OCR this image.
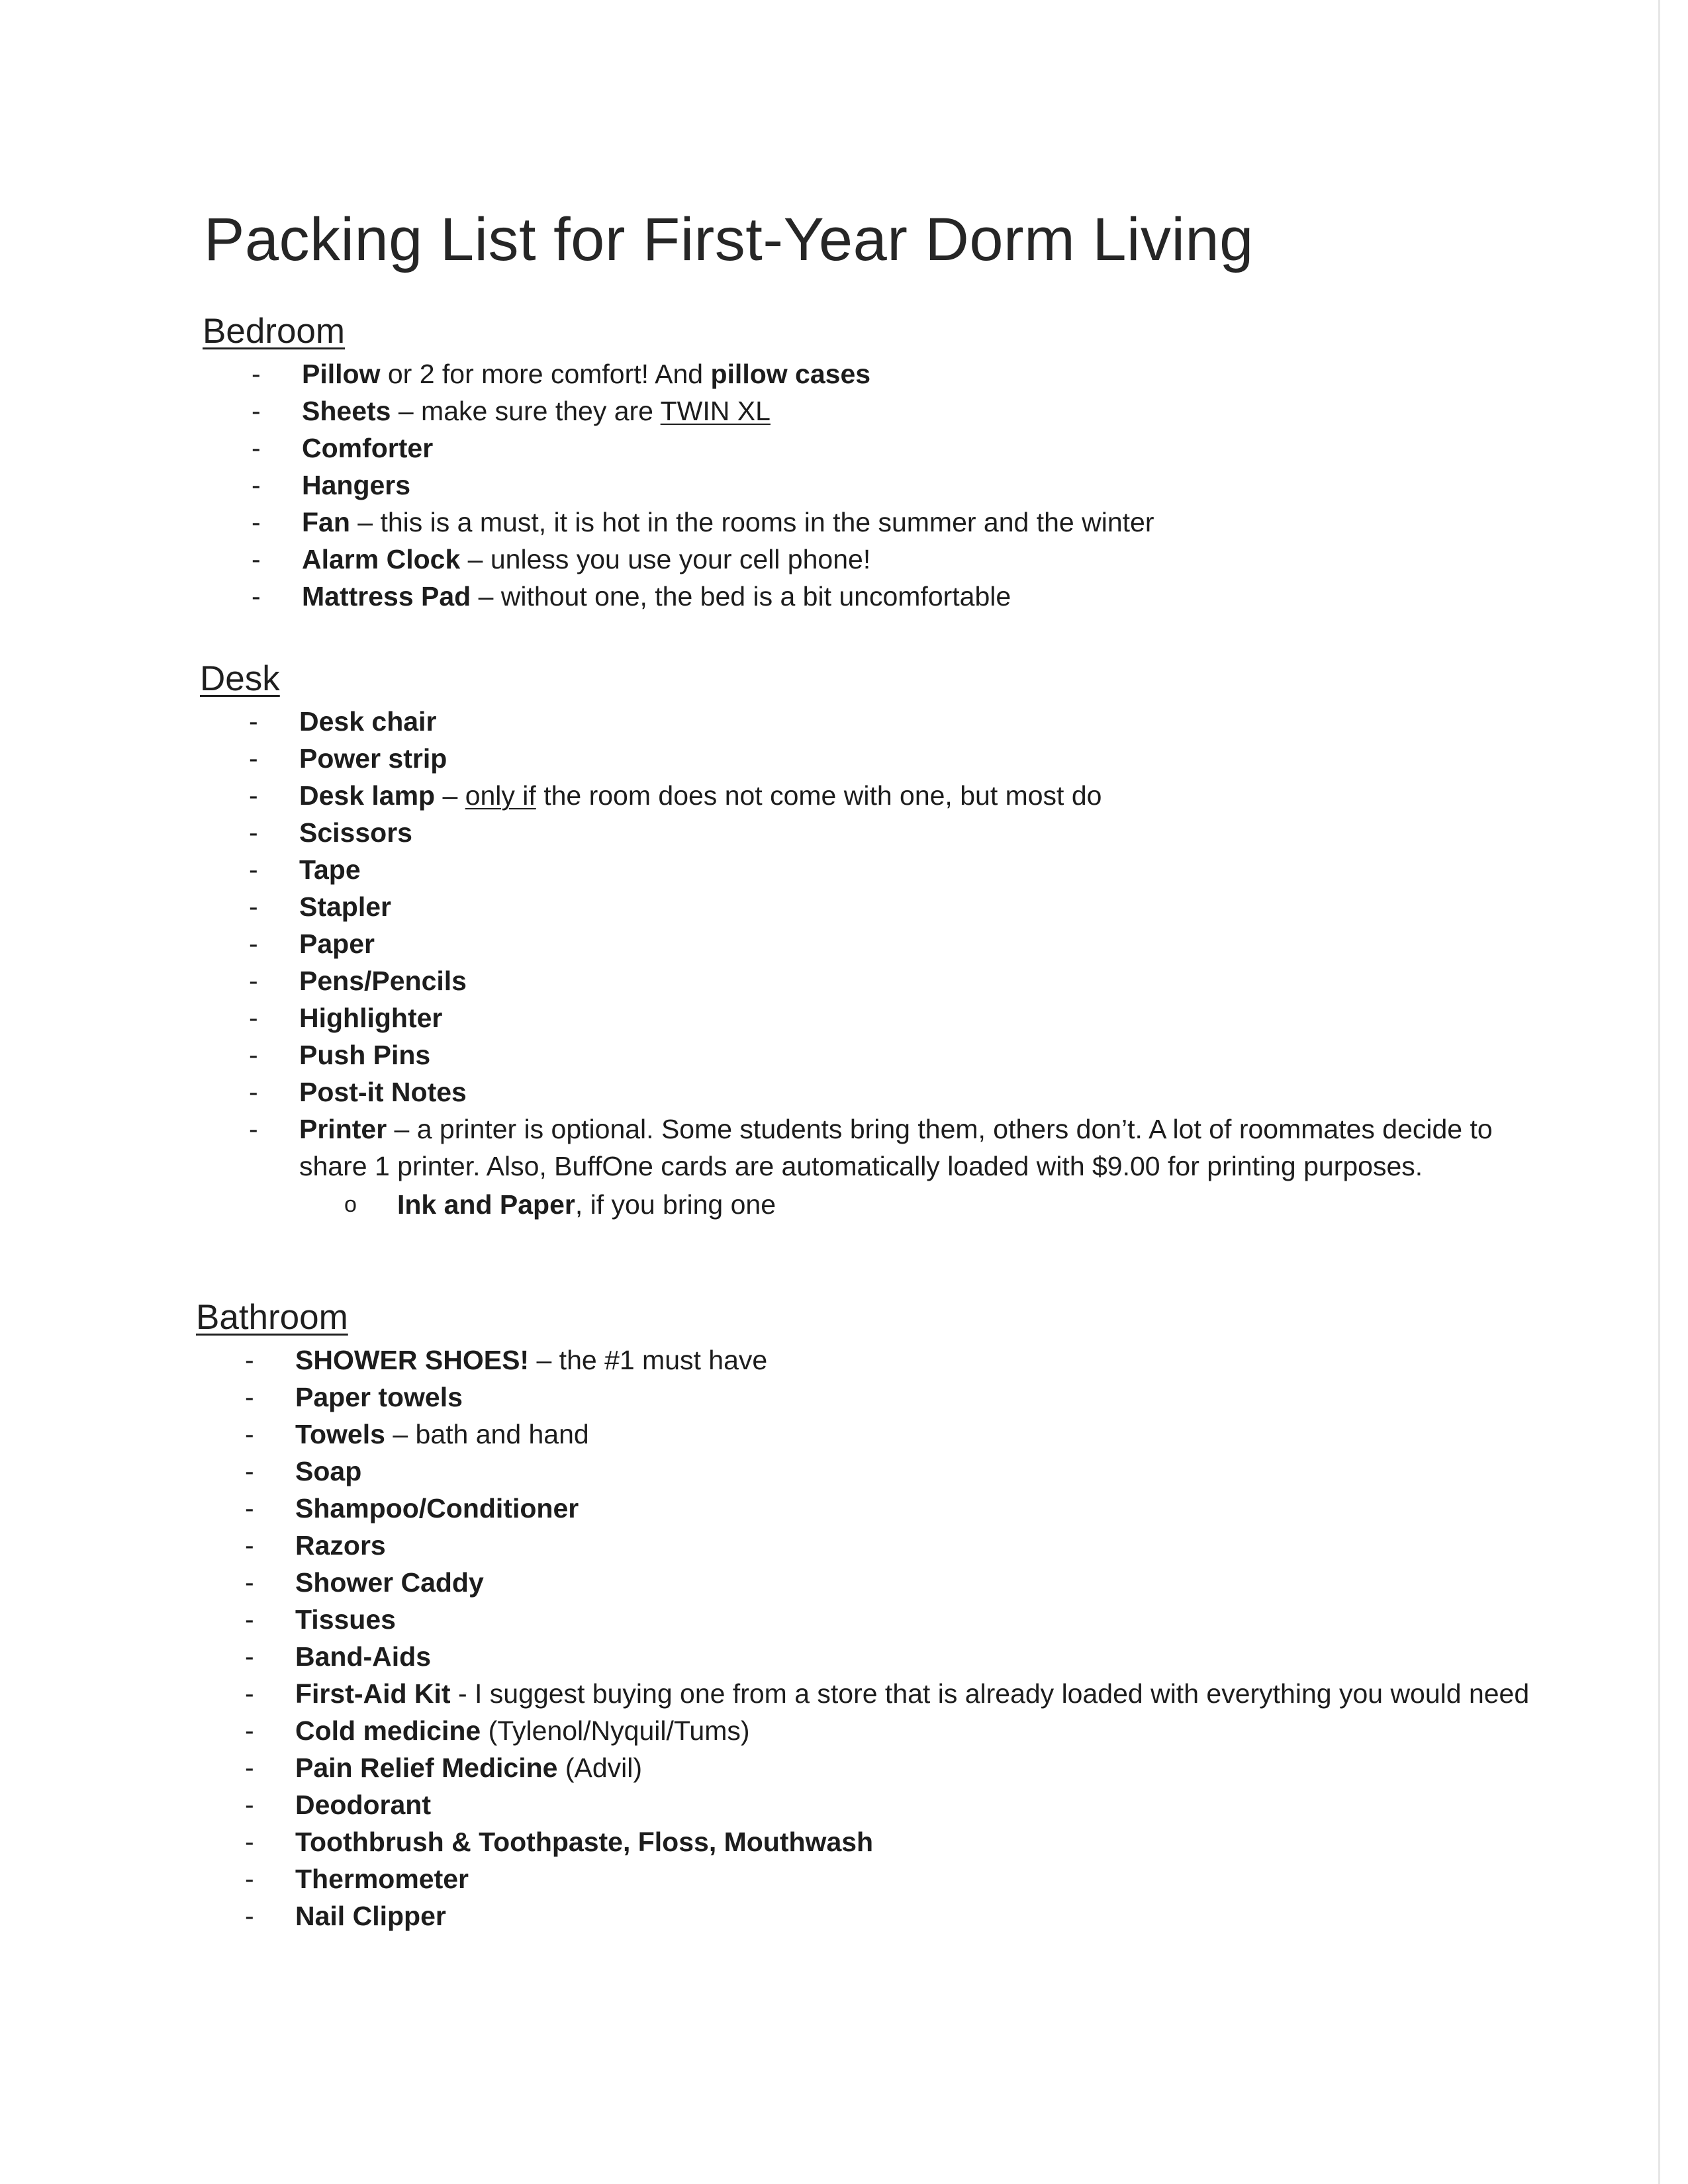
Packing List for First-Year Dorm Living
Bedroom
- Pillow or 2 for more comfort! And pillow cases
- Sheets – make sure they are TWIN XL
- Comforter
- Hangers
- Fan – this is a must, it is hot in the rooms in the summer and the winter
- Alarm Clock – unless you use your cell phone!
- Mattress Pad – without one, the bed is a bit uncomfortable
Desk
- Desk chair
- Power strip
- Desk lamp – only if the room does not come with one, but most do
- Scissors
- Tape
- Stapler
- Paper
- Pens/Pencils
- Highlighter
- Push Pins
- Post-it Notes
- Printer – a printer is optional. Some students bring them, others don’t. A lot of roommates decide to share 1 printer. Also, BuffOne cards are automatically loaded with $9.00 for printing purposes.
o Ink and Paper, if you bring one
Bathroom
- SHOWER SHOES! – the #1 must have
- Paper towels
- Towels – bath and hand
- Soap
- Shampoo/Conditioner
- Razors
- Shower Caddy
- Tissues
- Band-Aids
- First-Aid Kit - I suggest buying one from a store that is already loaded with everything you would need
- Cold medicine (Tylenol/Nyquil/Tums)
- Pain Relief Medicine (Advil)
- Deodorant
- Toothbrush & Toothpaste, Floss, Mouthwash
- Thermometer
- Nail Clipper
